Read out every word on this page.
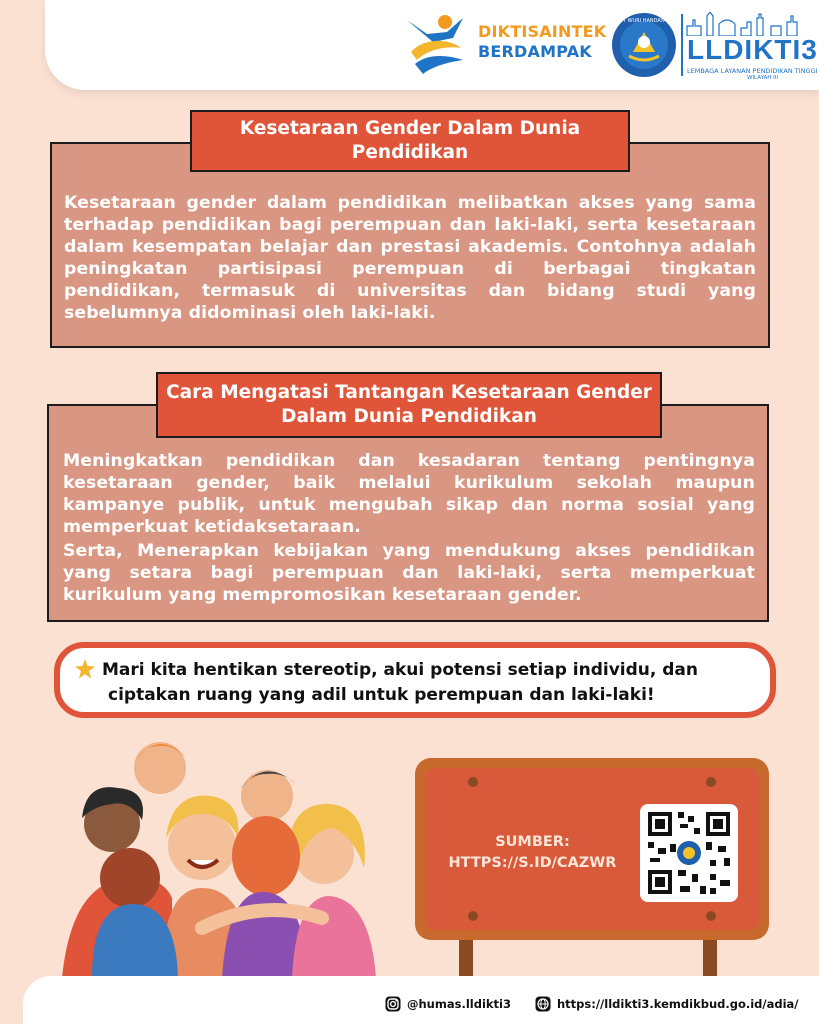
DIKTISAINTEK
BERDAMPAK
TUT WURI HANDAYANI
LLDIKTI3
LEMBAGA LAYANAN PENDIDIKAN TINGGI
WILAYAH III

Kesetaraan gender dalam pendidikan melibatkan akses yang sama terhadap pendidikan bagi perempuan dan laki-laki, serta kesetaraan dalam kesempatan belajar dan prestasi akademis. Contohnya adalah peningkatan partisipasi perempuan di berbagai tingkatan pendidikan, termasuk di universitas dan bidang studi yang sebelumnya didominasi oleh laki-laki.

Kesetaraan Gender Dalam Dunia Pendidikan

Meningkatkan pendidikan dan kesadaran tentang pentingnya kesetaraan gender, baik melalui kurikulum sekolah maupun kampanye publik, untuk mengubah sikap dan norma sosial yang memperkuat ketidaksetaraan.

Serta, Menerapkan kebijakan yang mendukung akses pendidikan yang setara bagi perempuan dan laki-laki, serta memperkuat kurikulum yang mempromosikan kesetaraan gender.

Cara Mengatasi Tantangan Kesetaraan Gender Dalam Dunia Pendidikan
Mari kita hentikan stereotip, akui potensi setiap individu, dan
ciptakan ruang yang adil untuk perempuan dan laki-laki!
SUMBER:
HTTPS://S.ID/CAZWR
@humas.lldikti3	https://lldikti3.kemdikbud.go.id/adia/
